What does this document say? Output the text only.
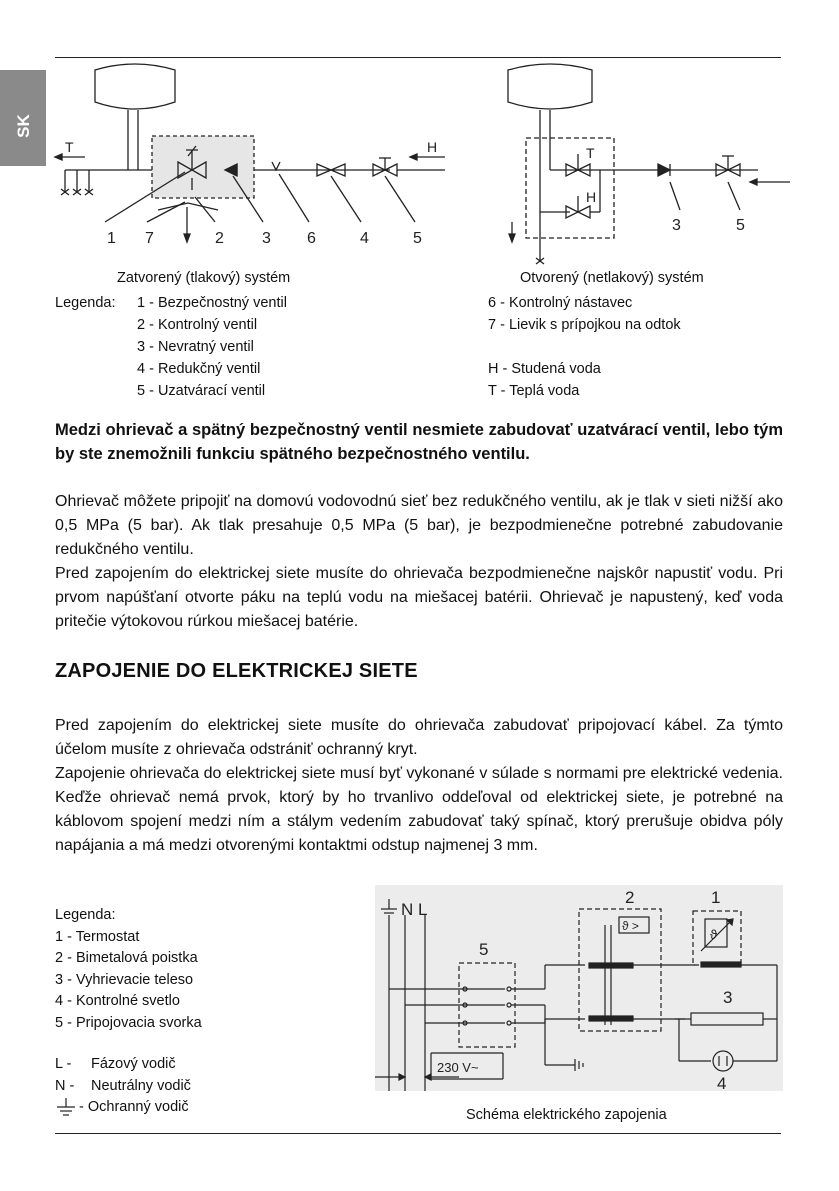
SK
T	H
1 7	2 3 6	4	5
T
H
3	5
Zatvorený (tlakový) systém	Otvorený (netlakový) systém
Legenda: 1 - Bezpečnostný ventil
2 - Kontrolný ventil
3 - Nevratný ventil
4 - Redukčný ventil
5 - Uzatvárací ventil
6 - Kontrolný nástavec
7 - Lievik s prípojkou na odtok
H - Studená voda
T - Teplá voda
Medzi ohrievač a spätný bezpečnostný ventil nesmiete zabudovať uzatvárací ventil, lebo tým by ste znemožnili funkciu spätného bezpečnostného ventilu.
Ohrievač môžete pripojiť na domovú vodovodnú sieť bez redukčného ventilu, ak je tlak v sieti nižší ako 0,5 MPa (5 bar). Ak tlak presahuje 0,5 MPa (5 bar), je bezpodmienečne potrebné zabudovanie redukčného ventilu.
Pred zapojením do elektrickej siete musíte do ohrievača bezpodmienečne najskôr napustiť vodu. Pri prvom napúšťaní otvorte páku na teplú vodu na miešacej batérii. Ohrievač je napustený, keď voda pritečie výtokovou rúrkou miešacej batérie.
ZAPOJENIE DO ELEKTRICKEJ SIETE
Pred zapojením do elektrickej siete musíte do ohrievača zabudovať pripojovací kábel. Za týmto účelom musíte z ohrievača odstrániť ochranný kryt.
Zapojenie ohrievača do elektrickej siete musí byť vykonané v súlade s normami pre elektrické vedenia. Keďže ohrievač nemá prvok, ktorý by ho trvanlivo oddeľoval od elektrickej siete, je potrebné na káblovom spojení medzi ním a stálym vedením zabudovať taký spínač, ktorý prerušuje obidva póly napájania a má medzi otvorenými kontaktmi odstup najmenej 3 mm.
Legenda:
1 - Termostat
2 - Bimetalová poistka
3 - Vyhrievacie teleso
4 - Kontrolné svetlo
5 - Pripojovacia svorka
L - Fázový vodič
N - Neutrálny vodič
- Ochranný vodič
N L
5
2
ϑ >
1
ϑ
3
4
230 V~
Schéma elektrického zapojenia
